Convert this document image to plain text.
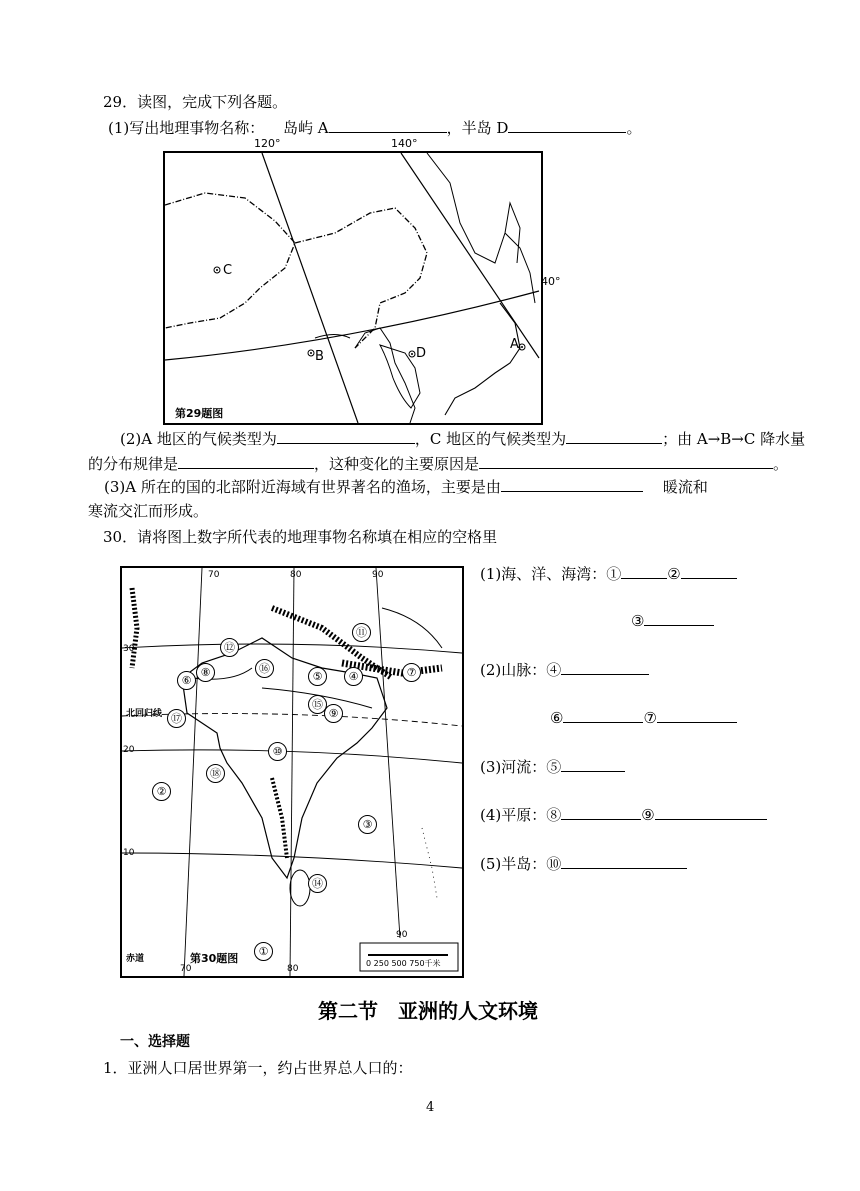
29．读图，完成下列各题。
(1)写出地理事物名称： 岛屿 A	，半岛 D	。
120°	140°
40°
C
B	D
A
第29题图
(2)A 地区的气候类型为	，C 地区的气候类型为	；由 A→B→C 降水量
的分布规律是	，这种变化的主要原因是	。
(3)A 所在的国的北部附近海域有世界著名的渔场，主要是由	暖流和
寒流交汇而形成。
30．请将图上数字所代表的地理事物名称填在相应的空格里
70	80	90
30
20
10
70	80
90
北回归线
赤道	第30题图	0 250 500 750千米
①
②
③
④
⑤
⑥
⑦
⑧
⑨
⑩
⑪
⑫
⑭
⑮
⑯
⑰
⑱
(1)海、洋、海湾：①	②
③
(2)山脉：④
⑥	⑦
(3)河流：⑤
(4)平原：⑧	⑨
(5)半岛：⑩
第二节　亚洲的人文环境
一、选择题
1．亚洲人口居世界第一，约占世界总人口的：
4
